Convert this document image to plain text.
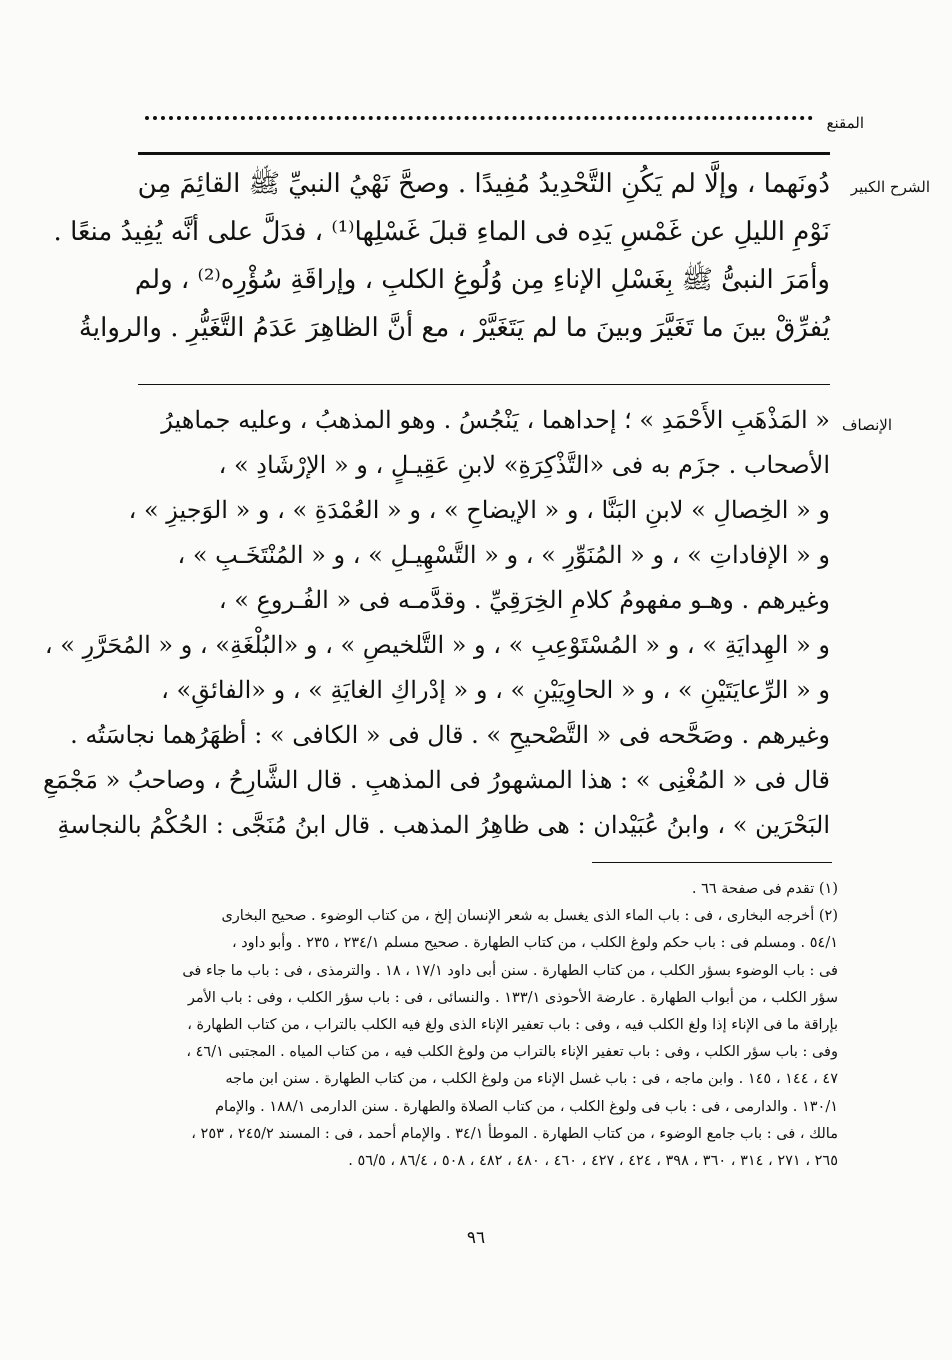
المقنع
الشرح الكبير
دُونَهما ، وإلَّا لم يَكُنِ التَّحْدِيدُ مُفِيدًا . وصحَّ نَهْيُ النبيِّ ﷺ القائِمَ مِن
نَوْمِ الليلِ عن غَمْسِ يَدِه فى الماءِ قبلَ غَسْلِها⁽¹⁾ ، فدَلَّ على أنَّه يُفِيدُ منعًا .
وأمَرَ النبىُّ ﷺ بِغَسْلِ الإناءِ مِن وُلُوغِ الكلبِ ، وإراقَةِ سُؤْرِه⁽²⁾ ، ولم
يُفرِّقْ بينَ ما تَغَيَّرَ وبينَ ما لم يَتَغَيَّرْ ، مع أنَّ الظاهِرَ عَدَمُ التَّغَيُّرِ . والروايةُ
الإنصاف
« المَذْهَبِ الأَحْمَدِ » ؛ إحداهما ، يَنْجُسُ . وهو المذهبُ ، وعليه جماهيرُ
الأصحاب . جزَم به فى «التَّذْكِرَةِ» لابنِ عَقِيـلٍ ، و « الإرْشَادِ » ،
و « الخِصالِ » لابنِ البَنَّا ، و « الإيضاحِ » ، و « العُمْدَةِ » ، و « الوَجيزِ » ،
و « الإفاداتِ » ، و « المُنَوِّرِ » ، و « التَّسْهِيـلِ » ، و « المُنْتَخَـبِ » ،
وغيرهم . وهـو مفهومُ كلامِ الخِرَقِيِّ . وقدَّمـه فى « الفُـروعِ » ،
و « الهِدايَةِ » ، و « المُسْتَوْعِبِ » ، و « التَّلخيصِ » ، و «البُلْغَةِ» ، و « المُحَرَّرِ » ،
و « الرِّعايَتَيْنِ » ، و « الحاوِيَيْنِ » ، و « إدْراكِ الغايَةِ » ، و «الفائقِ» ،
وغيرهم . وصَحَّحه فى « التَّصْحيحِ » . قال فى « الكافى » : أظهَرُهما نجاسَتُه .
قال فى « المُغْنِى » : هذا المشهورُ فى المذهبِ . قال الشَّارِحُ ، وصاحبُ « مَجْمَعِ
البَحْرَين » ، وابنُ عُبَيْدان : هى ظاهِرُ المذهب . قال ابنُ مُنَجَّى : الحُكْمُ بالنجاسةِ
(١) تقدم فى صفحة ٦٦ .
(٢) أخرجه البخارى ، فى : باب الماء الذى يغسل به شعر الإنسان إلخ ، من كتاب الوضوء . صحيح البخارى
٥٤/١ . ومسلم فى : باب حكم ولوغ الكلب ، من كتاب الطهارة . صحيح مسلم ٢٣٤/١ ، ٢٣٥ . وأبو داود ،
فى : باب الوضوء بسؤر الكلب ، من كتاب الطهارة . سنن أبى داود ١٧/١ ، ١٨ . والترمذى ، فى : باب ما جاء فى
سؤر الكلب ، من أبواب الطهارة . عارضة الأحوذى ١٣٣/١ . والنسائى ، فى : باب سؤر الكلب ، وفى : باب الأمر
بإراقة ما فى الإناء إذا ولغ الكلب فيه ، وفى : باب تعفير الإناء الذى ولغ فيه الكلب بالتراب ، من كتاب الطهارة ،
وفى : باب سؤر الكلب ، وفى : باب تعفير الإناء بالتراب من ولوغ الكلب فيه ، من كتاب المياه . المجتبى ٤٦/١ ،
٤٧ ، ١٤٤ ، ١٤٥ . وابن ماجه ، فى : باب غسل الإناء من ولوغ الكلب ، من كتاب الطهارة . سنن ابن ماجه
١٣٠/١ . والدارمى ، فى : باب فى ولوغ الكلب ، من كتاب الصلاة والطهارة . سنن الدارمى ١٨٨/١ . والإمام
مالك ، فى : باب جامع الوضوء ، من كتاب الطهارة . الموطأ ٣٤/١ . والإمام أحمد ، فى : المسند ٢٤٥/٢ ، ٢٥٣ ،
٢٦٥ ، ٢٧١ ، ٣١٤ ، ٣٦٠ ، ٣٩٨ ، ٤٢٤ ، ٤٢٧ ، ٤٦٠ ، ٤٨٠ ، ٤٨٢ ، ٥٠٨ ، ٨٦/٤ ، ٥٦/٥ .
٩٦
